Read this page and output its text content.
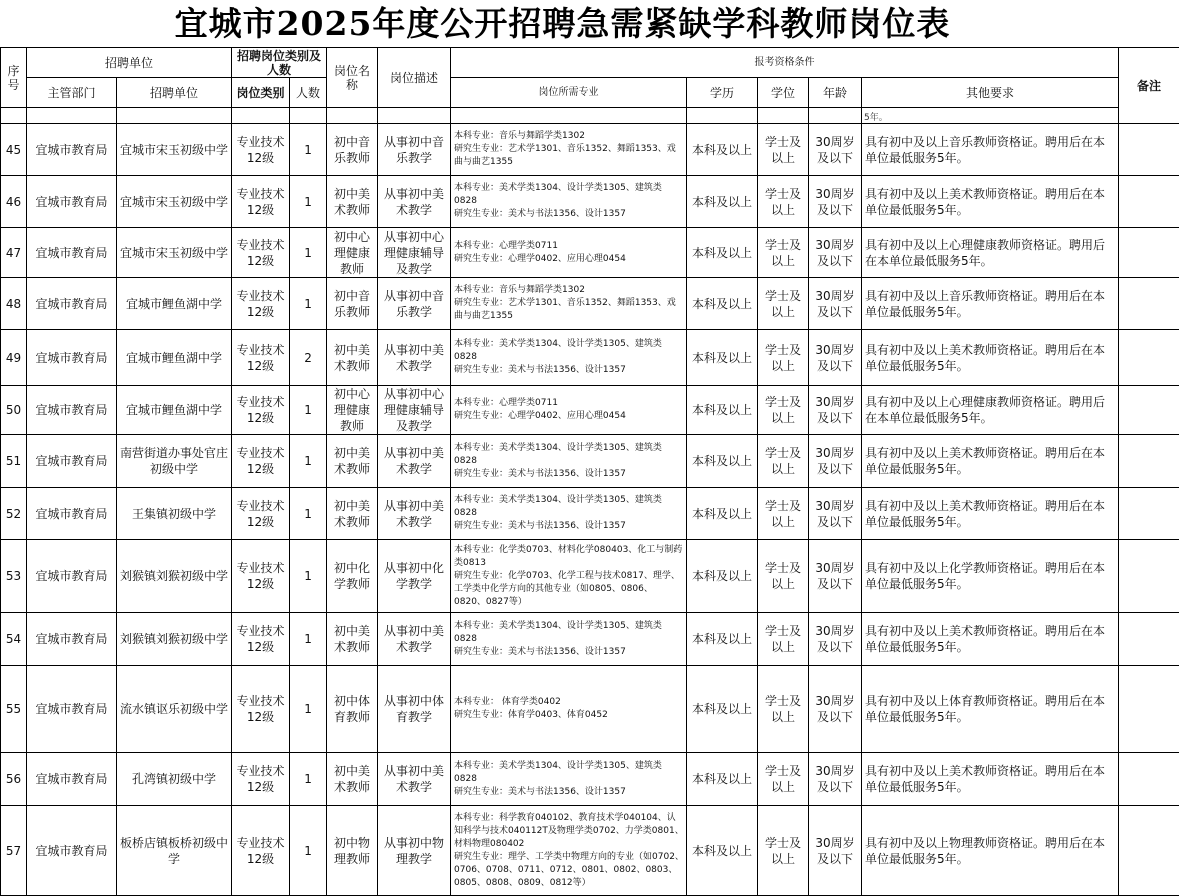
宜城市2025年度公开招聘急需紧缺学科教师岗位表
序号	招聘单位		招聘岗位类别及人数		岗位名称	岗位描述	报考资格条件					备注
	主管部门	招聘单位	岗位类别	人数			岗位所需专业	学历	学位	年龄	其他要求	
											5年。	
45	宜城市教育局	宜城市宋玉初级中学	专业技术12级	1	初中音乐教师	从事初中音乐教学	本科专业：音乐与舞蹈学类1302
研究生专业：艺术学1301、音乐1352、舞蹈1353、戏曲与曲艺1355	本科及以上	学士及以上	30周岁及以下	具有初中及以上音乐教师资格证。聘用后在本单位最低服务5年。	
46	宜城市教育局	宜城市宋玉初级中学	专业技术12级	1	初中美术教师	从事初中美术教学	本科专业：美术学类1304、设计学类1305、建筑类0828
研究生专业：美术与书法1356、设计1357	本科及以上	学士及以上	30周岁及以下	具有初中及以上美术教师资格证。聘用后在本单位最低服务5年。	
47	宜城市教育局	宜城市宋玉初级中学	专业技术12级	1	初中心理健康教师	从事初中心理健康辅导及教学	本科专业：心理学类0711
研究生专业：心理学0402、应用心理0454	本科及以上	学士及以上	30周岁及以下	具有初中及以上心理健康教师资格证。聘用后在本单位最低服务5年。	
48	宜城市教育局	宜城市鲤鱼湖中学	专业技术12级	1	初中音乐教师	从事初中音乐教学	本科专业：音乐与舞蹈学类1302
研究生专业：艺术学1301、音乐1352、舞蹈1353、戏曲与曲艺1355	本科及以上	学士及以上	30周岁及以下	具有初中及以上音乐教师资格证。聘用后在本单位最低服务5年。	
49	宜城市教育局	宜城市鲤鱼湖中学	专业技术12级	2	初中美术教师	从事初中美术教学	本科专业：美术学类1304、设计学类1305、建筑类0828
研究生专业：美术与书法1356、设计1357	本科及以上	学士及以上	30周岁及以下	具有初中及以上美术教师资格证。聘用后在本单位最低服务5年。	
50	宜城市教育局	宜城市鲤鱼湖中学	专业技术12级	1	初中心理健康教师	从事初中心理健康辅导及教学	本科专业：心理学类0711
研究生专业：心理学0402、应用心理0454	本科及以上	学士及以上	30周岁及以下	具有初中及以上心理健康教师资格证。聘用后在本单位最低服务5年。	
51	宜城市教育局	南营街道办事处官庄初级中学	专业技术12级	1	初中美术教师	从事初中美术教学	本科专业：美术学类1304、设计学类1305、建筑类0828
研究生专业：美术与书法1356、设计1357	本科及以上	学士及以上	30周岁及以下	具有初中及以上美术教师资格证。聘用后在本单位最低服务5年。	
52	宜城市教育局	王集镇初级中学	专业技术12级	1	初中美术教师	从事初中美术教学	本科专业：美术学类1304、设计学类1305、建筑类0828
研究生专业：美术与书法1356、设计1357	本科及以上	学士及以上	30周岁及以下	具有初中及以上美术教师资格证。聘用后在本单位最低服务5年。	
53	宜城市教育局	刘猴镇刘猴初级中学	专业技术12级	1	初中化学教师	从事初中化学教学	本科专业：化学类0703、材料化学080403、化工与制药类0813
研究生专业：化学0703、化学工程与技术0817、理学、工学类中化学方向的其他专业（如0805、0806、0820、0827等）	本科及以上	学士及以上	30周岁及以下	具有初中及以上化学教师资格证。聘用后在本单位最低服务5年。	
54	宜城市教育局	刘猴镇刘猴初级中学	专业技术12级	1	初中美术教师	从事初中美术教学	本科专业：美术学类1304、设计学类1305、建筑类0828
研究生专业：美术与书法1356、设计1357	本科及以上	学士及以上	30周岁及以下	具有初中及以上美术教师资格证。聘用后在本单位最低服务5年。	
55	宜城市教育局	流水镇讴乐初级中学	专业技术12级	1	初中体育教师	从事初中体育教学	本科专业： 体育学类0402
研究生专业：体育学0403、体育0452	本科及以上	学士及以上	30周岁及以下	具有初中及以上体育教师资格证。聘用后在本单位最低服务5年。	
56	宜城市教育局	孔湾镇初级中学	专业技术12级	1	初中美术教师	从事初中美术教学	本科专业：美术学类1304、设计学类1305、建筑类0828
研究生专业：美术与书法1356、设计1357	本科及以上	学士及以上	30周岁及以下	具有初中及以上美术教师资格证。聘用后在本单位最低服务5年。	
57	宜城市教育局	板桥店镇板桥初级中学	专业技术12级	1	初中物理教师	从事初中物理教学	本科专业：科学教育040102、教育技术学040104、认知科学与技术040112T及物理学类0702、力学类0801、材料物理080402
研究生专业：理学、工学类中物理方向的专业（如0702、0706、0708、0711、0712、0801、0802、0803、0805、0808、0809、0812等）	本科及以上	学士及以上	30周岁及以下	具有初中及以上物理教师资格证。聘用后在本单位最低服务5年。	
